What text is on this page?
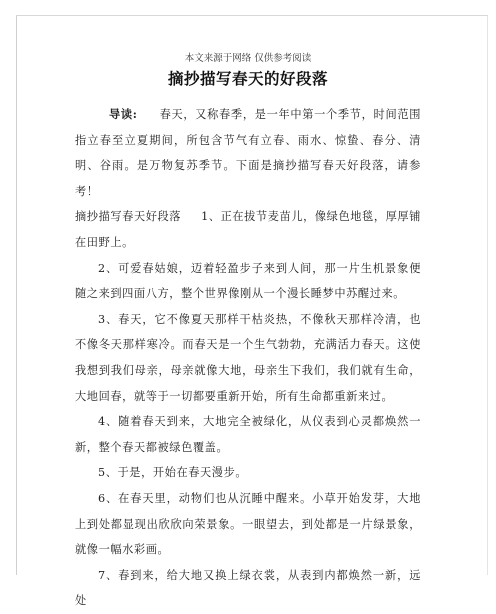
本文来源于网络 仅供参考阅读
摘抄描写春天的好段落

导读: 春天，又称春季，是一年中第一个季节，时间范围指立春至立夏期间，所包含节气有立春、雨水、惊蛰、春分、清明、谷雨。是万物复苏季节。下面是摘抄描写春天好段落，请参考！

摘抄描写春天好段落 1、正在拔节麦苗儿，像绿色地毯，厚厚铺在田野上。

2、可爱春姑娘，迈着轻盈步子来到人间，那一片生机景象便随之来到四面八方，整个世界像刚从一个漫长睡梦中苏醒过来。

3、春天，它不像夏天那样干枯炎热，不像秋天那样冷清，也不像冬天那样寒冷。而春天是一个生气勃勃，充满活力春天。这使我想到我们母亲，母亲就像大地，母亲生下我们，我们就有生命，大地回春，就等于一切都要重新开始，所有生命都重新来过。

4、随着春天到来，大地完全被绿化，从仪表到心灵都焕然一新，整个春天都被绿色覆盖。

5、于是，开始在春天漫步。

6、在春天里，动物们也从沉睡中醒来。小草开始发芽，大地上到处都显现出欣欣向荣景象。一眼望去，到处都是一片绿景象，就像一幅水彩画。

7、春到来，给大地又换上绿衣裳，从表到内都焕然一新，远处
